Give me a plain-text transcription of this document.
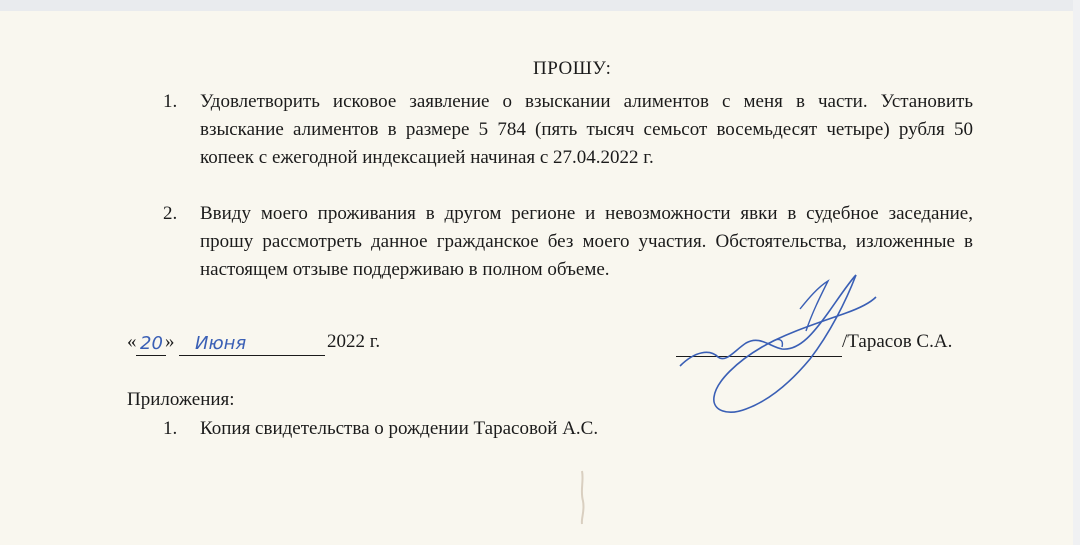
ПРОШУ:
1. Удовлетворить исковое заявление о взыскании алиментов с меня в части. Установить взыскание алиментов в размере 5 784 (пять тысяч семьсот восемьдесят четыре) рубля 50 копеек с ежегодной индексацией начиная с 27.04.2022 г.
2. Ввиду моего проживания в другом регионе и невозможности явки в судебное заседание, прошу рассмотреть данное гражданское без моего участия. Обстоятельства, изложенные в настоящем отзыве поддерживаю в полном объеме.
« 20 » Июня	2022 г.	/Тарасов С.А.
Приложения:
1. Копия свидетельства о рождении Тарасовой А.С.
